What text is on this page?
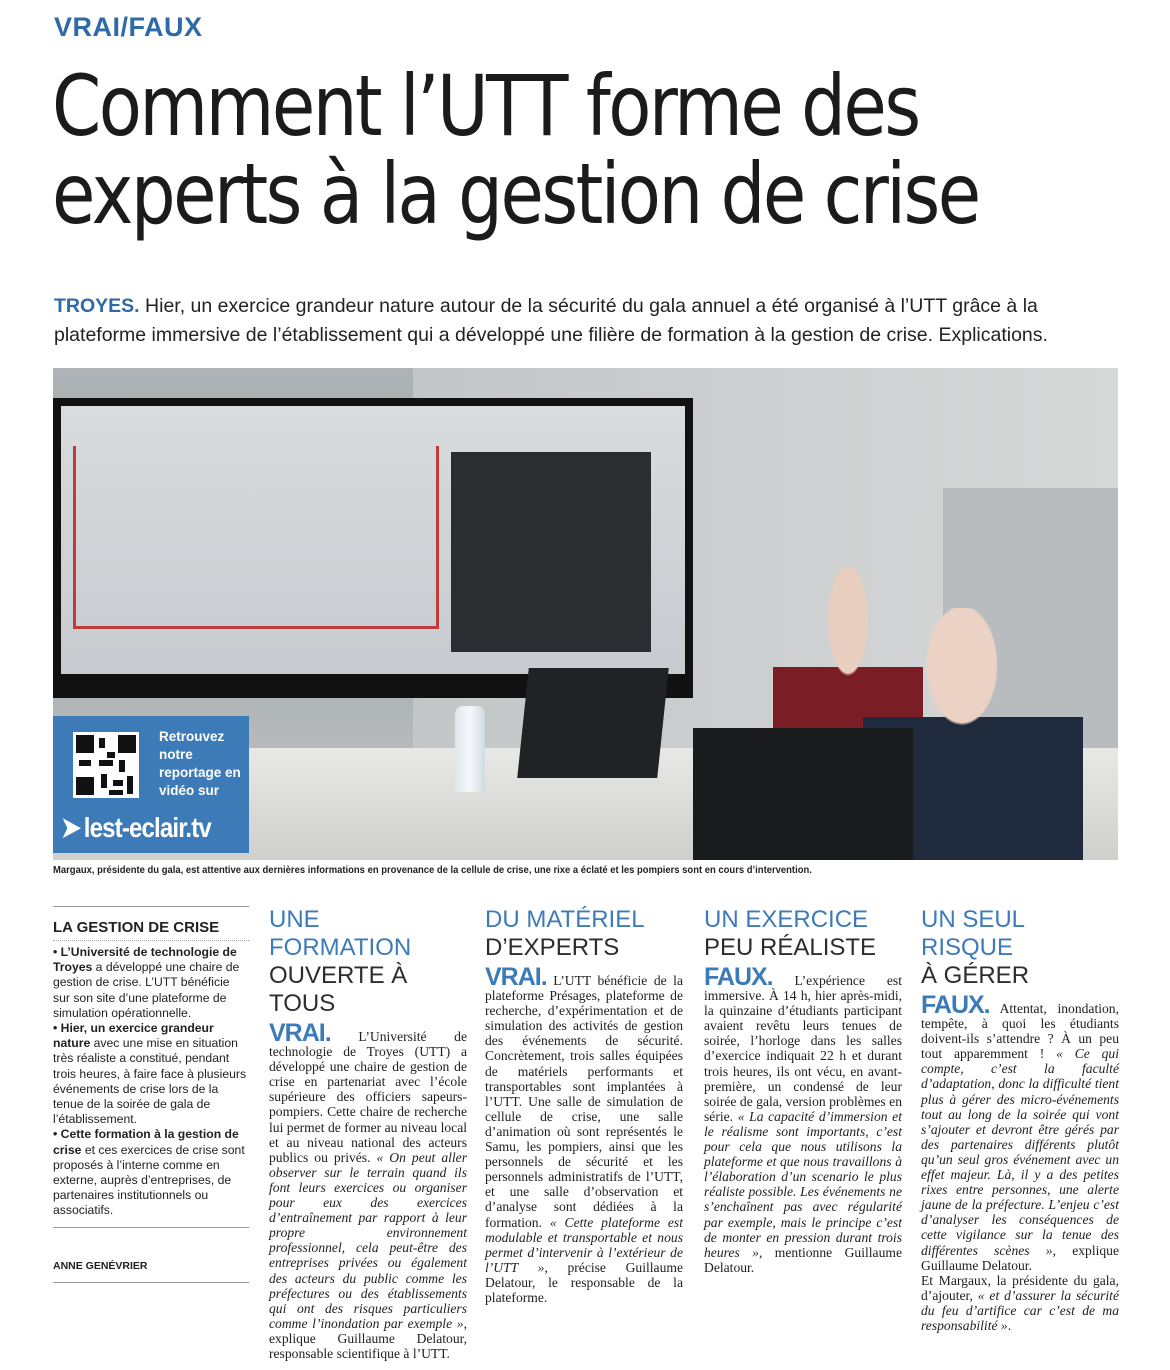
VRAI/FAUX
Comment l’UTT forme des
experts à la gestion de crise

TROYES. Hier, un exercice grandeur nature autour de la sécurité du gala annuel a été organisé à l’UTT grâce à la plateforme immersive de l’établissement qui a développé une filière de formation à la gestion de crise. Explications.

Retrouvez notre reportage en vidéo sur
➤ lest-eclair.tv

Margaux, présidente du gala, est attentive aux dernières informations en provenance de la cellule de crise, une rixe a éclaté et les pompiers sont en cours d’intervention.

LA GESTION DE CRISE

• L’Université de technologie de Troyes a développé une chaire de gestion de crise. L’UTT bénéficie sur son site d’une plateforme de simulation opérationnelle.

• Hier, un exercice grandeur nature avec une mise en situation très réaliste a constitué, pendant trois heures, à faire face à plusieurs événements de crise lors de la tenue de la soirée de gala de l’établissement.

• Cette formation à la gestion de crise et ces exercices de crise sont proposés à l’interne comme en externe, auprès d’entreprises, de partenaires institutionnels ou associatifs.

ANNE GENÉVRIER
UNE FORMATION
OUVERTE À TOUS

VRAI. L’Université de technologie de Troyes (UTT) a développé une chaire de gestion de crise en partenariat avec l’école supérieure des officiers sapeurs-pompiers. Cette chaire de recherche lui permet de former au niveau local et au niveau national des acteurs publics ou privés. « On peut aller observer sur le terrain quand ils font leurs exercices ou organiser pour eux des exercices d’entraînement par rapport à leur propre environnement professionnel, cela peut-être des entreprises privées ou également des acteurs du public comme les préfectures ou des établissements qui ont des risques particuliers comme l’inondation par exemple », explique Guillaume Delatour, responsable scientifique à l’UTT.

DU MATÉRIEL
D’EXPERTS

VRAI. L’UTT bénéficie de la plateforme Présages, plateforme de recherche, d’expérimentation et de simulation des activités de gestion des événements de sécurité. Concrètement, trois salles équipées de matériels performants et transportables sont implantées à l’UTT. Une salle de simulation de cellule de crise, une salle d’animation où sont représentés le Samu, les pompiers, ainsi que les personnels de sécurité et les personnels administratifs de l’UTT, et une salle d’observation et d’analyse sont dédiées à la formation. « Cette plateforme est modulable et transportable et nous permet d’intervenir à l’extérieur de l’UTT », précise Guillaume Delatour, le responsable de la plateforme.

UN EXERCICE
PEU RÉALISTE

FAUX. L’expérience est immersive. À 14 h, hier après-midi, la quinzaine d’étudiants participant avaient revêtu leurs tenues de soirée, l’horloge dans les salles d’exercice indiquait 22 h et durant trois heures, ils ont vécu, en avant-première, un condensé de leur soirée de gala, version problèmes en série. « La capacité d’immersion et le réalisme sont importants, c’est pour cela que nous utilisons la plateforme et que nous travaillons à l’élaboration d’un scenario le plus réaliste possible. Les événements ne s’enchaînent pas avec régularité par exemple, mais le principe c’est de monter en pression durant trois heures », mentionne Guillaume Delatour.

UN SEUL RISQUE
À GÉRER

FAUX. Attentat, inondation, tempête, à quoi les étudiants doivent-ils s’attendre ? À un peu tout apparemment ! « Ce qui compte, c’est la faculté d’adaptation, donc la difficulté tient plus à gérer des micro-événements tout au long de la soirée qui vont s’ajouter et devront être gérés par des partenaires différents plutôt qu’un seul gros événement avec un effet majeur. Là, il y a des petites rixes entre personnes, une alerte jaune de la préfecture. L’enjeu c’est d’analyser les conséquences de cette vigilance sur la tenue des différentes scènes », explique Guillaume Delatour.
Et Margaux, la présidente du gala, d’ajouter, « et d’assurer la sécurité du feu d’artifice car c’est de ma responsabilité ».
